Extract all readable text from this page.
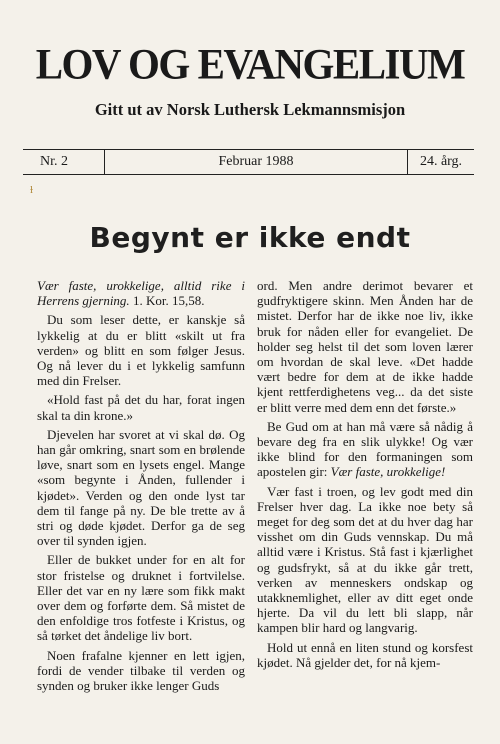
LOV OG EVANGELIUM
Gitt ut av Norsk Luthersk Lekmannsmisjon
Nr. 2	Februar 1988	24. årg.
ɫ
Begynt er ikke endt

Vær faste, urokkelige, alltid rike i Herrens gjerning. 1. Kor. 15,58.

Du som leser dette, er kanskje så lykkelig at du er blitt «skilt ut fra verden» og blitt en som følger Jesus. Og nå lever du i et lykkelig samfunn med din Frelser.

«Hold fast på det du har, forat ingen skal ta din krone.»

Djevelen har svoret at vi skal dø. Og han går omkring, snart som en brølende løve, snart som en lysets engel. Mange «som begynte i Ånden, fullender i kjødet». Verden og den onde lyst tar dem til fange på ny. De ble trette av å stri og døde kjødet. Derfor ga de seg over til synden igjen.

Eller de bukket under for en alt for stor fristelse og druknet i fortvilelse. Eller det var en ny lære som fikk makt over dem og forførte dem. Så mistet de den enfoldige tros fotfeste i Kristus, og så tørket det åndelige liv bort.

Noen frafalne kjenner en lett igjen, fordi de vender tilbake til verden og synden og bruker ikke lenger Guds

ord. Men andre derimot bevarer et gudfryktigere skinn. Men Ånden har de mistet. Derfor har de ikke noe liv, ikke bruk for nåden eller for evangeliet. De holder seg helst til det som loven lærer om hvordan de skal leve. «Det hadde vært bedre for dem at de ikke hadde kjent rettferdighetens veg... da det siste er blitt verre med dem enn det første.»

Be Gud om at han må være så nådig å bevare deg fra en slik ulykke! Og vær ikke blind for den formaningen som apostelen gir: Vær faste, urokkelige!

Vær fast i troen, og lev godt med din Frelser hver dag. La ikke noe bety så meget for deg som det at du hver dag har visshet om din Guds vennskap. Du må alltid være i Kristus. Stå fast i kjærlighet og gudsfrykt, så at du ikke går trett, verken av menneskers ondskap og utakknemlighet, eller av ditt eget onde hjerte. Da vil du lett bli slapp, når kampen blir hard og langvarig.

Hold ut ennå en liten stund og korsfest kjødet. Nå gjelder det, for nå kjem-
